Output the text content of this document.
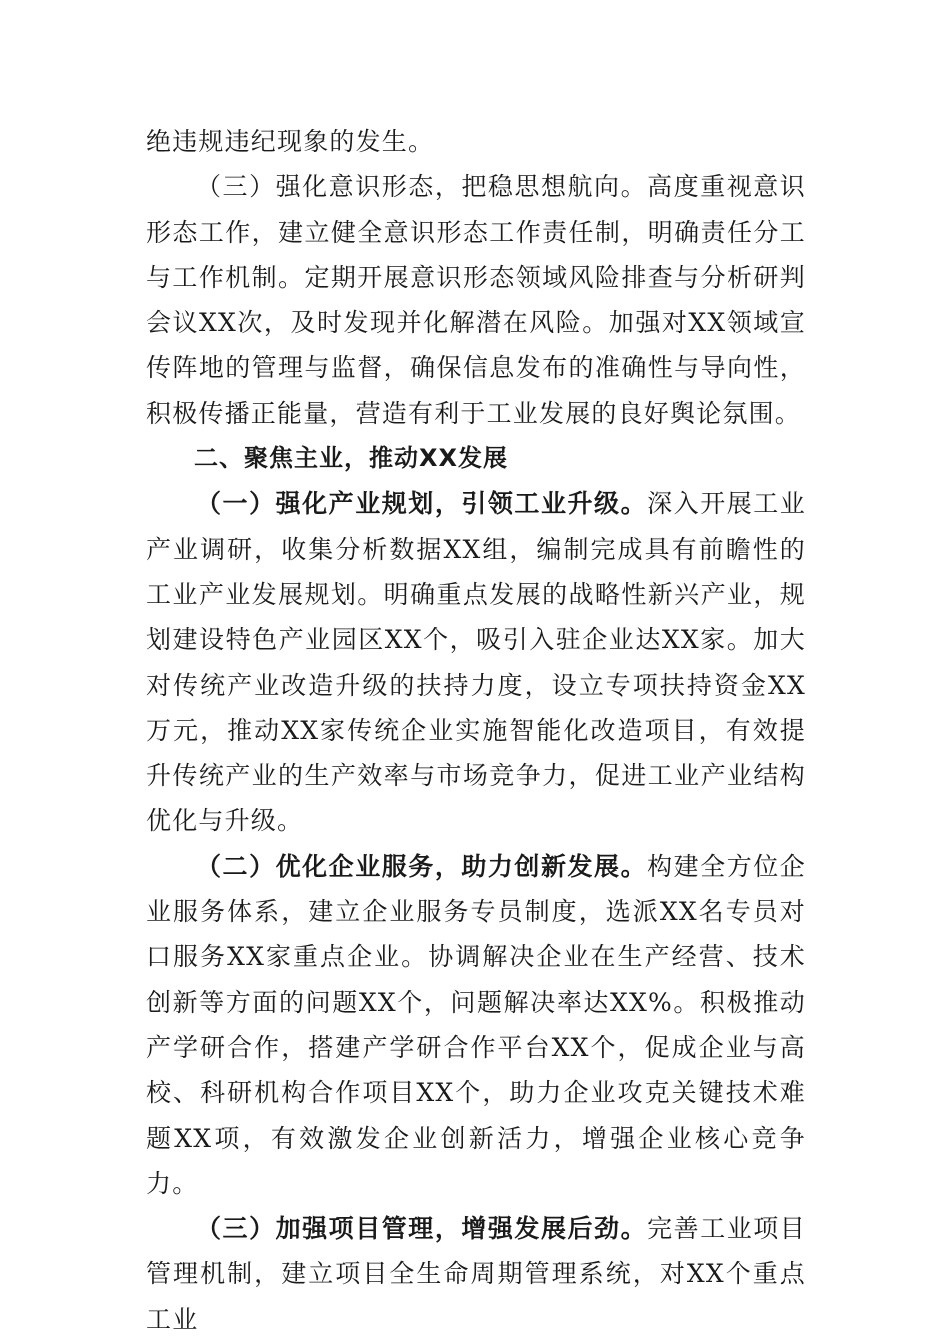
绝违规违纪现象的发生。

（三）强化意识形态，把稳思想航向。高度重视意识形态工作，建立健全意识形态工作责任制，明确责任分工与工作机制。定期开展意识形态领域风险排查与分析研判会议XX次，及时发现并化解潜在风险。加强对XX领域宣传阵地的管理与监督，确保信息发布的准确性与导向性，积极传播正能量，营造有利于工业发展的良好舆论氛围。

二、聚焦主业，推动XX发展

（一）强化产业规划，引领工业升级。深入开展工业产业调研，收集分析数据XX组，编制完成具有前瞻性的工业产业发展规划。明确重点发展的战略性新兴产业，规划建设特色产业园区XX个，吸引入驻企业达XX家。加大对传统产业改造升级的扶持力度，设立专项扶持资金XX万元，推动XX家传统企业实施智能化改造项目，有效提升传统产业的生产效率与市场竞争力，促进工业产业结构优化与升级。

（二）优化企业服务，助力创新发展。构建全方位企业服务体系，建立企业服务专员制度，选派XX名专员对口服务XX家重点企业。协调解决企业在生产经营、技术创新等方面的问题XX个，问题解决率达XX%。积极推动产学研合作，搭建产学研合作平台XX个，促成企业与高校、科研机构合作项目XX个，助力企业攻克关键技术难题XX项，有效激发企业创新活力，增强企业核心竞争力。

（三）加强项目管理，增强发展后劲。完善工业项目管理机制，建立项目全生命周期管理系统，对XX个重点工业
